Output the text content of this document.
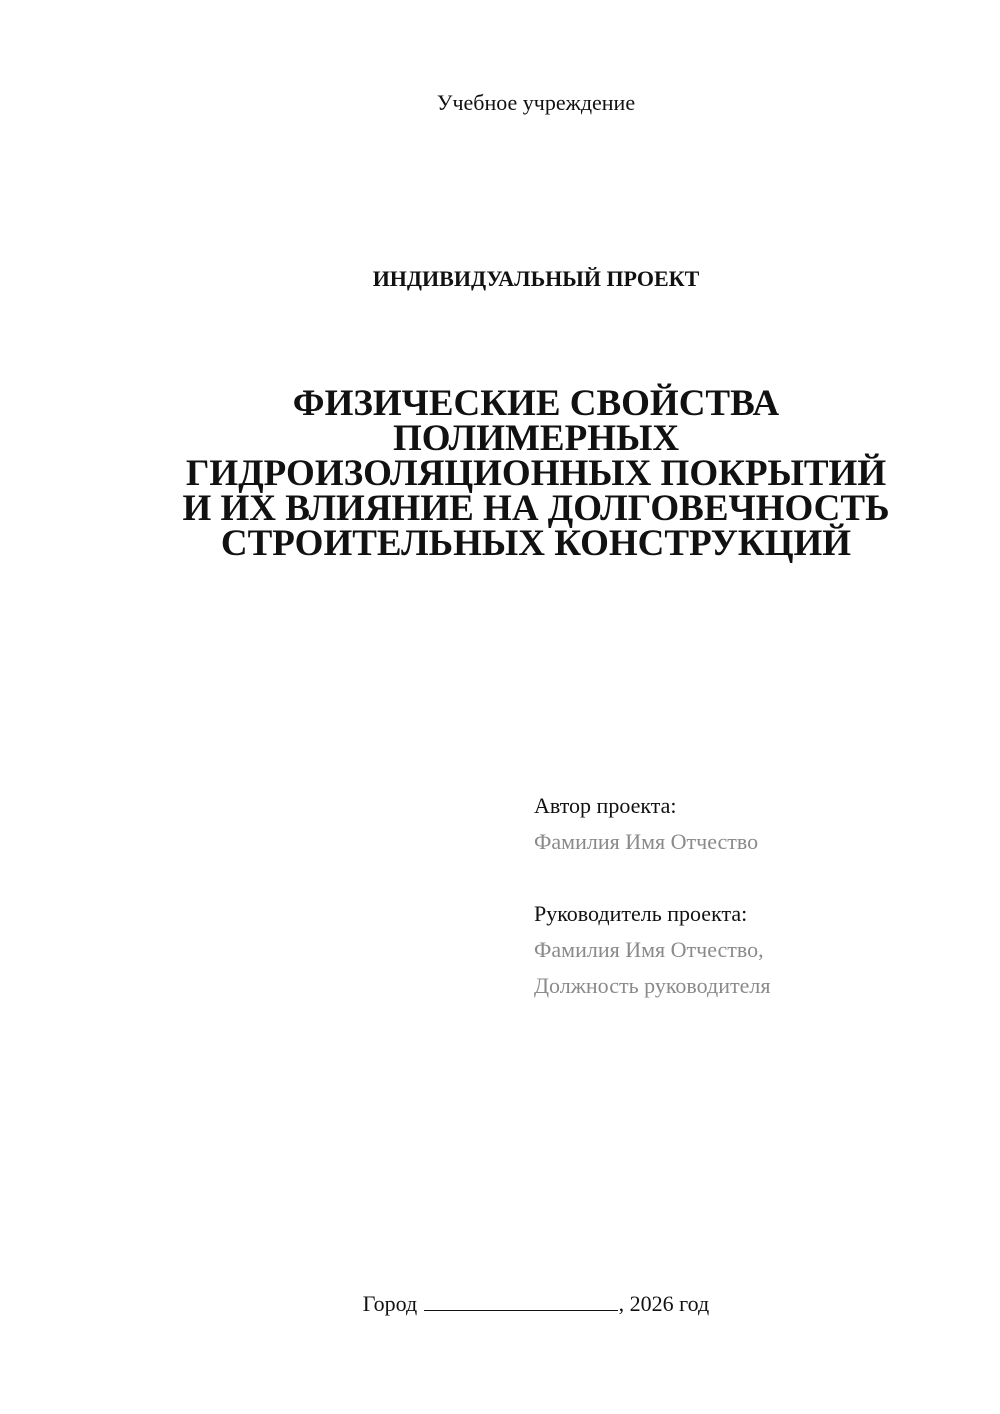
Учебное учреждение
ИНДИВИДУАЛЬНЫЙ ПРОЕКТ
ФИЗИЧЕСКИЕ СВОЙСТВА
ПОЛИМЕРНЫХ
ГИДРОИЗОЛЯЦИОННЫХ ПОКРЫТИЙ
И ИХ ВЛИЯНИЕ НА ДОЛГОВЕЧНОСТЬ
СТРОИТЕЛЬНЫХ КОНСТРУКЦИЙ
Автор проекта:
Фамилия Имя Отчество
Руководитель проекта:
Фамилия Имя Отчество,
Должность руководителя
Город	, 2026 год
